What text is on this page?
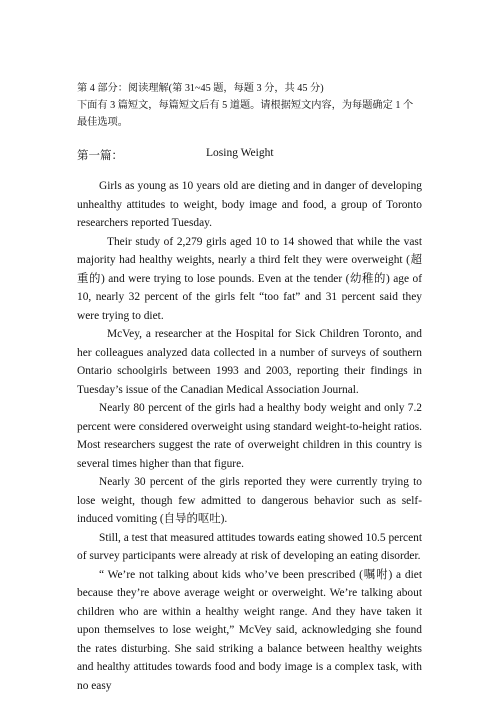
第 4 部分：阅读理解(第 31~45 题，每题 3 分，共 45 分)

下面有 3 篇短文，每篇短文后有 5 道题。请根据短文内容，为每题确定 1 个最佳选项。

第一篇：	Losing Weight

Girls as young as 10 years old are dieting and in danger of developing unhealthy attitudes to weight, body image and food, a group of Toronto researchers reported Tuesday.

Their study of 2,279 girls aged 10 to 14 showed that while the vast majority had healthy weights, nearly a third felt they were overweight (超重的) and were trying to lose pounds. Even at the tender (幼稚的) age of 10, nearly 32 percent of the girls felt “too fat” and 31 percent said they were trying to diet.

McVey, a researcher at the Hospital for Sick Children Toronto, and her colleagues analyzed data collected in a number of surveys of southern Ontario schoolgirls between 1993 and 2003, reporting their findings in Tuesday’s issue of the Canadian Medical Association Journal.

Nearly 80 percent of the girls had a healthy body weight and only 7.2 percent were considered overweight using standard weight-to-height ratios. Most researchers suggest the rate of overweight children in this country is several times higher than that figure.

Nearly 30 percent of the girls reported they were currently trying to lose weight, though few admitted to dangerous behavior such as self-induced vomiting (自导的呕吐).

Still, a test that measured attitudes towards eating showed 10.5 percent of survey participants were already at risk of developing an eating disorder.

“ We’re not talking about kids who’ve been prescribed (嘱咐) a diet because they’re above average weight or overweight. We’re talking about children who are within a healthy weight range. And they have taken it upon themselves to lose weight,” McVey said, acknowledging she found the rates disturbing. She said striking a balance between healthy weights and healthy attitudes towards food and body image is a complex task, with no easy
